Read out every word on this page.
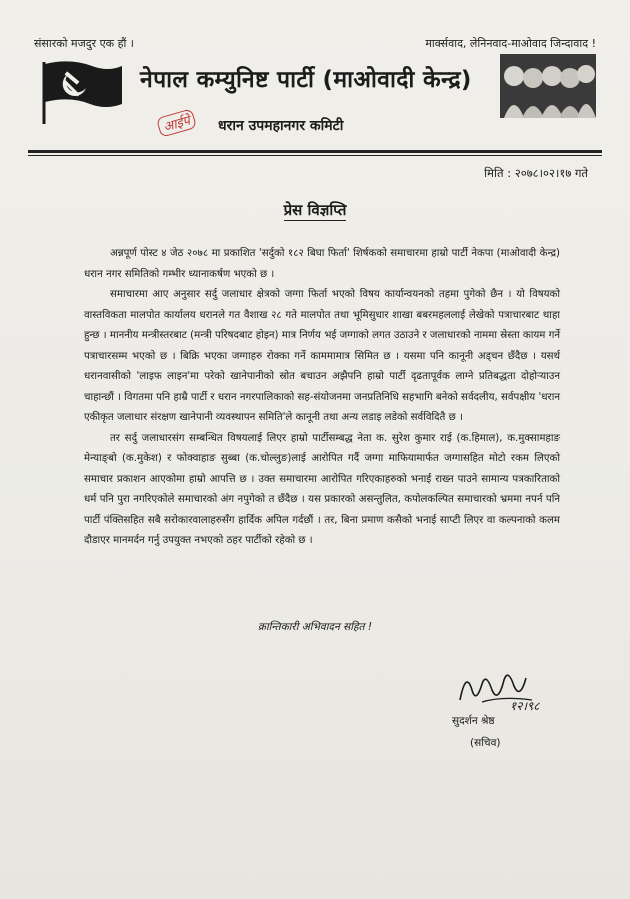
संसारको मजदुर एक हौं ।	मार्क्सवाद, लेनिनवाद-माओवाद जिन्दावाद !
नेपाल कम्युनिष्ट पार्टी (माओवादी केन्द्र)
आईपे	धरान उपमहानगर कमिटी
मिति : २०७८।०२।१७ गते
प्रेस विज्ञप्ति

अन्नपूर्ण पोस्ट ४ जेठ २०७८ मा प्रकाशित 'सर्दुको १८२ बिघा फिर्ता' शिर्षकको समाचारमा हाम्रो पार्टी नेकपा (माओवादी केन्द्र) धरान नगर समितिको गम्भीर ध्यानाकर्षण भएको छ ।

समाचारमा आए अनुसार सर्दु जलाधार क्षेत्रको जग्गा फिर्ता भएको विषय कार्यान्वयनको तहमा पुगेको छैन । यो विषयको वास्तविकता मालपोत कार्यालय धरानले गत वैशाख २८ गते मालपोत तथा भूमिसुधार शाखा बबरमहललाई लेखेको पत्राचारबाट थाहा हुन्छ । माननीय मन्त्रीस्तरबाट (मन्त्री परिषदबाट होइन) मात्र निर्णय भई जग्गाको लगत उठाउने र जलाधारको नाममा स्रेस्ता कायम गर्ने पत्राचारसम्म भएको छ । बिक्रि भएका जग्गाहरु रोक्का गर्ने काममामात्र सिमित छ । यसमा पनि कानूनी अड्चन छँदैछ । यसर्थ धरानवासीको 'लाइफ लाइन'मा परेको खानेपानीको स्रोत बचाउन अझैपनि हाम्रो पार्टी दृढतापूर्वक लाग्ने प्रतिबद्धता दोहोऱ्याउन चाहान्छौं । विगतमा पनि हाम्रै पार्टी र धरान नगरपालिकाको सह-संयोजनमा जनप्रतिनिधि सहभागि बनेको सर्वदलीय, सर्वपक्षीय 'धरान एकीकृत जलाधार संरक्षण खानेपानी व्यवस्थापन समिति'ले कानूनी तथा अन्य लडाइ लडेको सर्वविदितै छ ।

तर सर्दु जलाधारसंग सम्बन्धित विषयलाई लिएर हाम्रो पार्टीसम्बद्ध नेता क. सुरेश कुमार राई (क.हिमाल), क.मुक्सामहाङ मेन्याङ्बो (क.मुकेश) र फोक्वाहाङ सुब्बा (क.चोल्लुङ)लाई आरोपित गर्दै जग्गा माफियामार्फत जग्गासहित मोटो रकम लिएको समाचार प्रकाशन आएकोमा हाम्रो आपत्ति छ । उक्त समाचारमा आरोपित गरिएकाहरुको भनाई राख्न पाउने सामान्य पत्रकारिताको धर्म पनि पुरा नगरिएकोले समाचारको अंग नपुगेको त छँदैछ । यस प्रकारको असन्तुलित, कपोलकल्पित समाचारको भ्रममा नपर्न पनि पार्टी पंक्तिसहित सबै सरोकारवालाहरुसँग हार्दिक अपिल गर्दछौं । तर, बिना प्रमाण कसैको भनाई साप्टी लिएर वा कल्पनाको कलम दौडाएर मानमर्दन गर्नु उपयुक्त नभएको ठहर पार्टीको रहेको छ ।

क्रान्तिकारी अभिवादन सहित !
१२।९८
सुदर्शन श्रेष्ठ
(सचिव)
